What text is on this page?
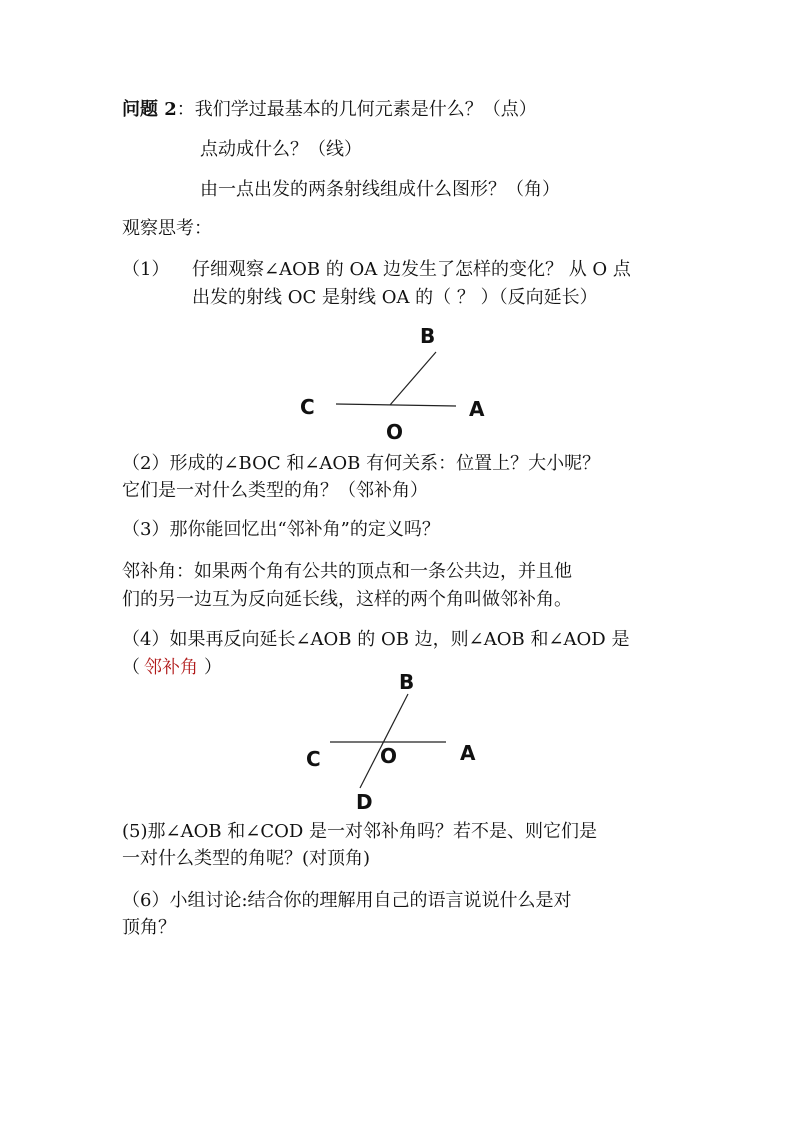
问题 2：我们学过最基本的几何元素是什么？（点）
点动成什么？（线）
由一点出发的两条射线组成什么图形？（角）
观察思考：
（1） 仔细观察∠AOB 的 OA 边发生了怎样的变化？ 从 O 点
出发的射线 OC 是射线 OA 的（ ？ ）（反向延长）
B
C	A
O
（2）形成的∠BOC 和∠AOB 有何关系：位置上？大小呢？
它们是一对什么类型的角？（邻补角）
（3）那你能回忆出“邻补角”的定义吗？
邻补角：如果两个角有公共的顶点和一条公共边，并且他
们的另一边互为反向延长线，这样的两个角叫做邻补角。
（4）如果再反向延长∠AOB 的 OB 边，则∠AOB 和∠AOD 是
（ 邻补角 ）
B
C	O	A
D
(5)那∠AOB 和∠COD 是一对邻补角吗？若不是、则它们是
一对什么类型的角呢？(对顶角)
（6）小组讨论:结合你的理解用自己的语言说说什么是对
顶角？
